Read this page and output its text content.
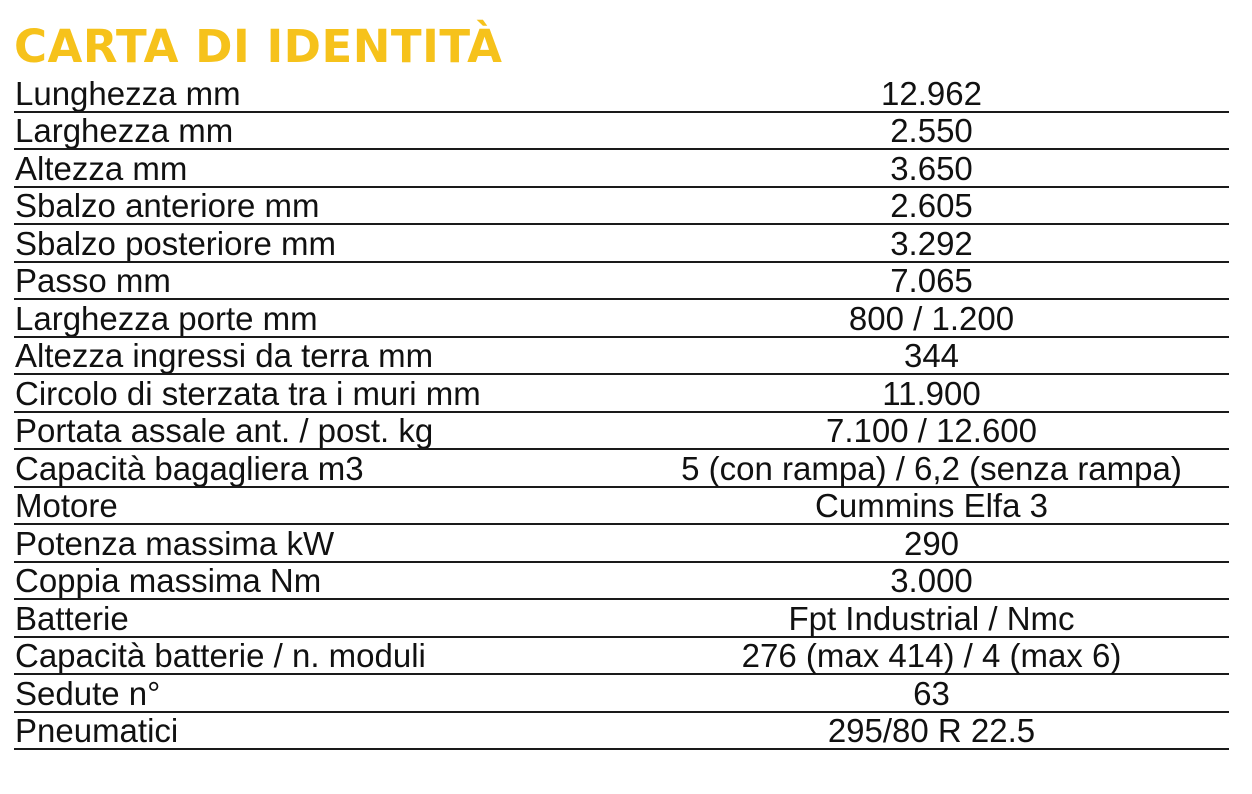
CARTA DI IDENTITÀ
Lunghezza mm	12.962
Larghezza mm	2.550
Altezza mm	3.650
Sbalzo anteriore mm	2.605
Sbalzo posteriore mm	3.292
Passo mm	7.065
Larghezza porte mm	800 / 1.200
Altezza ingressi da terra mm	344
Circolo di sterzata tra i muri mm	11.900
Portata assale ant. / post. kg	7.100 / 12.600
Capacità bagagliera m3	5 (con rampa) / 6,2 (senza rampa)
Motore	Cummins Elfa 3
Potenza massima kW	290
Coppia massima Nm	3.000
Batterie	Fpt Industrial / Nmc
Capacità batterie / n. moduli	276 (max 414) / 4 (max 6)
Sedute n°	63
Pneumatici	295/80 R 22.5
